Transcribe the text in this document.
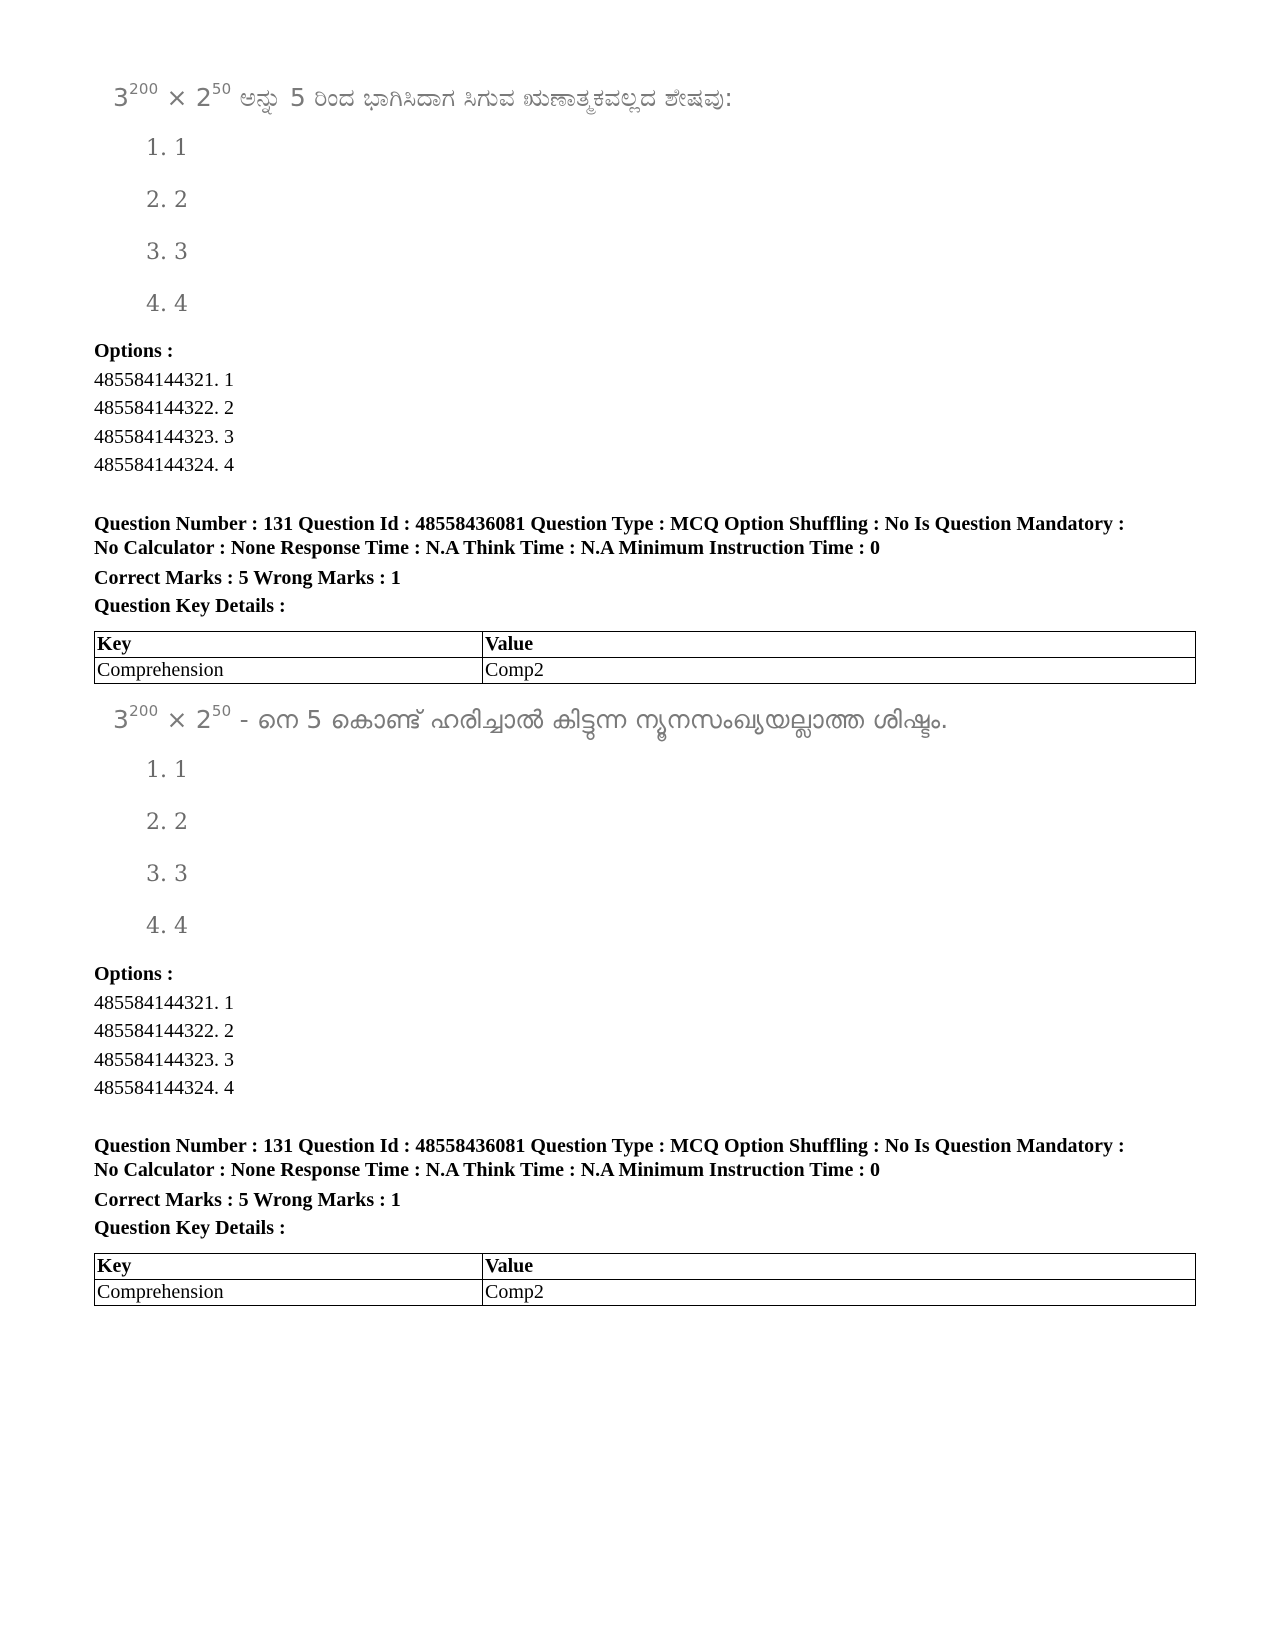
$3^{200} \times 2^{50}$ ಅನ್ನು 5 ರಿಂದ ಭಾಗಿಸಿದಾಗ ಸಿಗುವ ಋಣಾತ್ಮಕವಲ್ಲದ ಶೇಷವು:
1. 1
2. 2
3. 3
4. 4
Options :
485584144321. 1
485584144322. 2
485584144323. 3
485584144324. 4
Question Number : 131 Question Id : 48558436081 Question Type : MCQ Option Shuffling : No Is Question Mandatory :
No Calculator : None Response Time : N.A Think Time : N.A Minimum Instruction Time : 0
Correct Marks : 5 Wrong Marks : 1
Question Key Details :
Key	Value
Comprehension	Comp2
$3^{200} \times 2^{50}$ - നെ 5 കൊണ്ട് ഹരിച്ചാൽ കിട്ടുന്ന ന്യൂനസംഖ്യയല്ലാത്ത ശിഷ്ടം.
1. 1
2. 2
3. 3
4. 4
Options :
485584144321. 1
485584144322. 2
485584144323. 3
485584144324. 4
Question Number : 131 Question Id : 48558436081 Question Type : MCQ Option Shuffling : No Is Question Mandatory :
No Calculator : None Response Time : N.A Think Time : N.A Minimum Instruction Time : 0
Correct Marks : 5 Wrong Marks : 1
Question Key Details :
Key	Value
Comprehension	Comp2
